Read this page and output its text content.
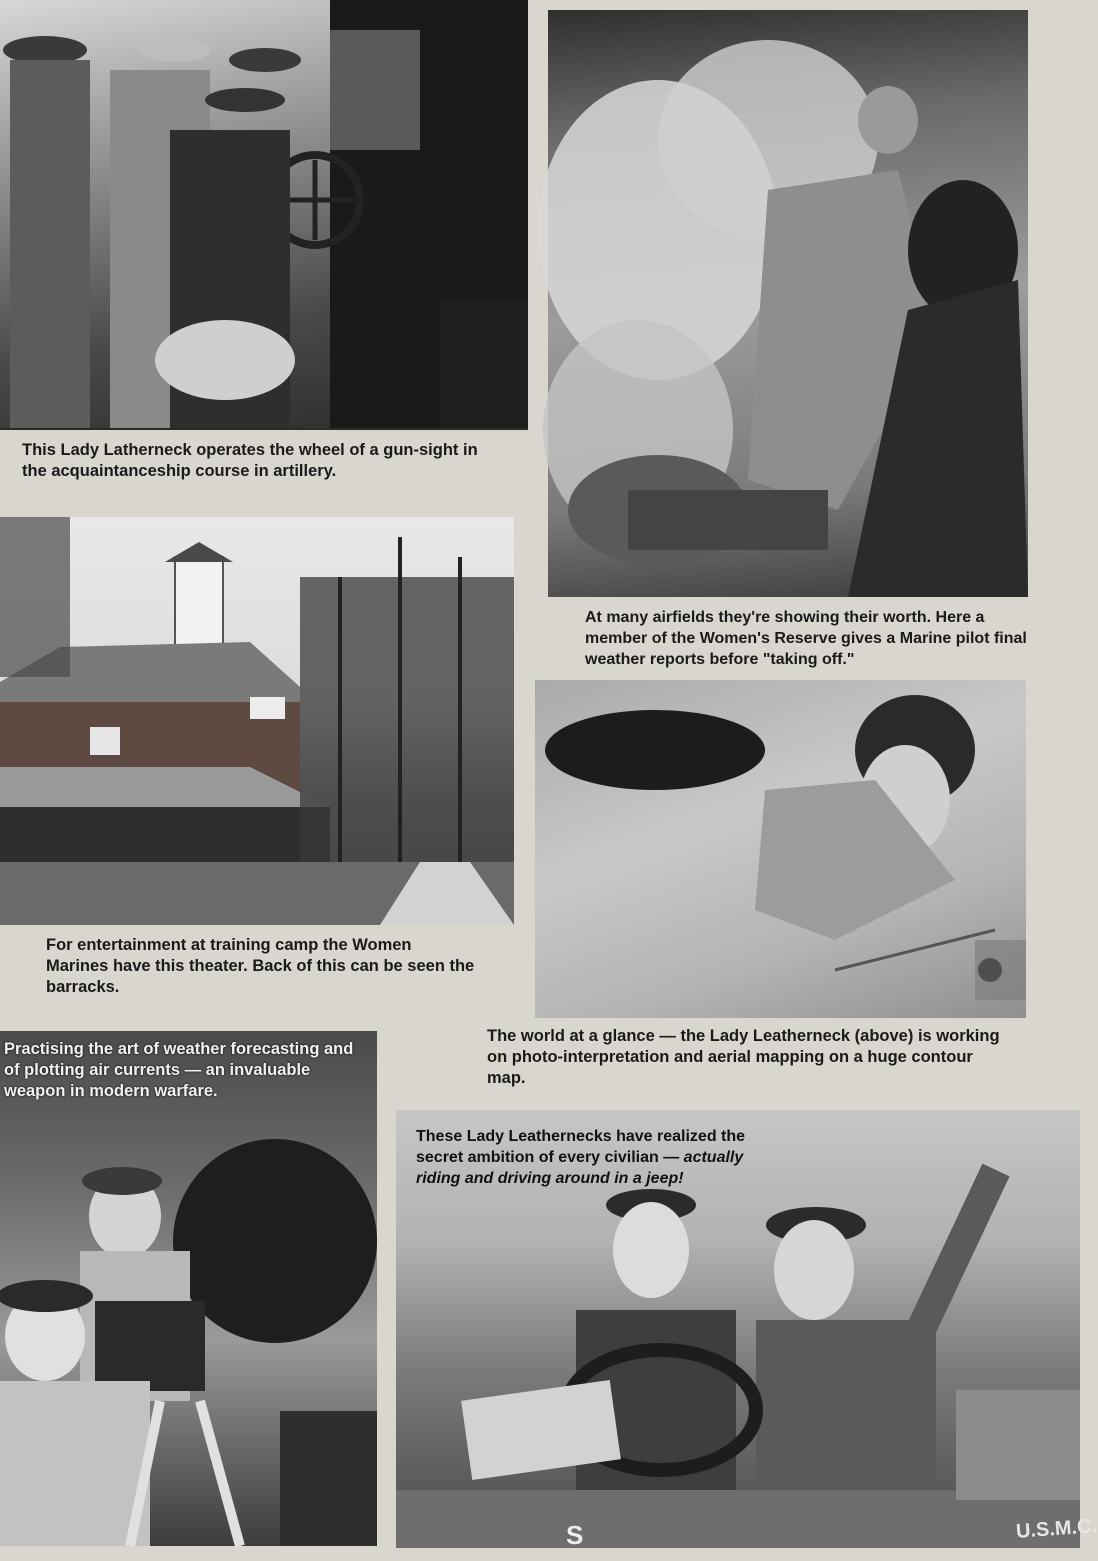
This Lady Latherneck operates the wheel of a gun-sight in the acquaintanceship course in artillery.

At many airfields they're showing their worth. Here a member of the Women's Reserve gives a Marine pilot final weather reports before "taking off."

For entertainment at training camp the Women Marines have this theater. Back of this can be seen the barracks.

The world at a glance — the Lady Leatherneck (above) is working on photo-interpretation and aerial mapping on a huge contour map.

Practising the art of weather forecasting and of plotting air currents — an invaluable weapon in modern warfare.

U.S.M.C.
S

These Lady Leathernecks have realized the secret ambition of every civilian — actually riding and driving around in a jeep!
